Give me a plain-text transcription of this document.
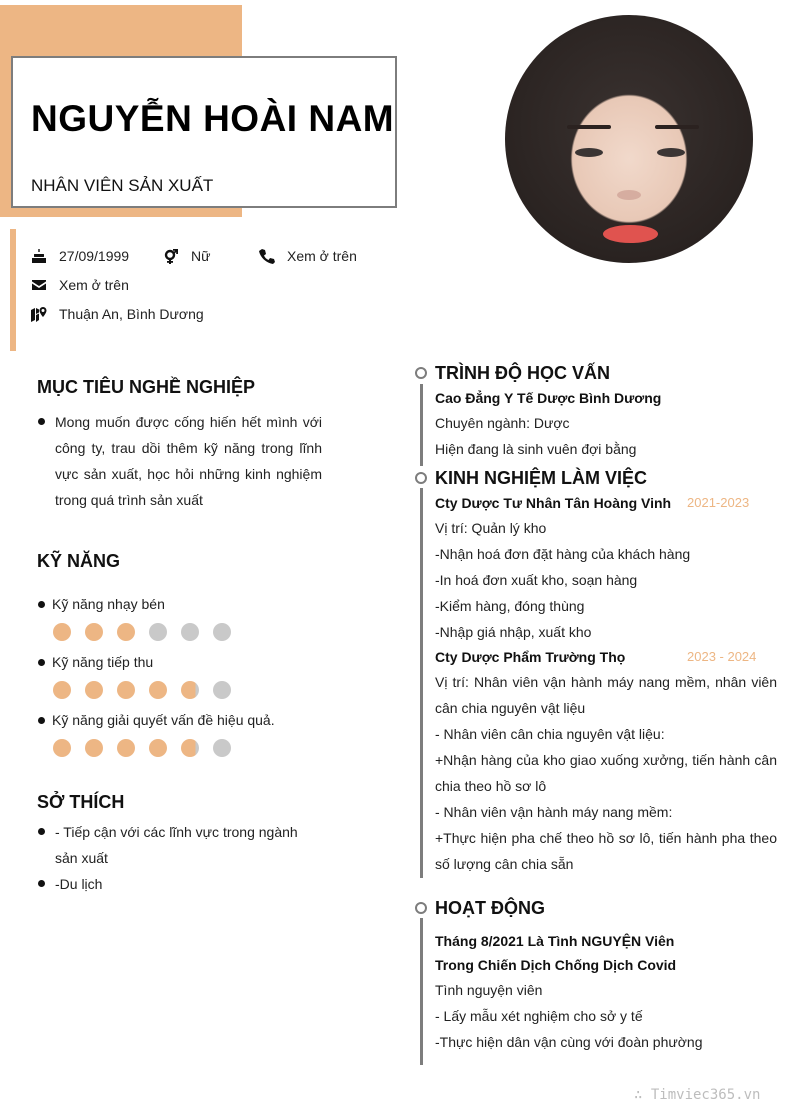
NGUYỄN HOÀI NAM
NHÂN VIÊN SẢN XUẤT
27/09/1999	Nữ	Xem ở trên
Xem ở trên
Thuận An, Bình Dương
MỤC TIÊU NGHỀ NGHIỆP
Mong muốn được cống hiến hết mình với công ty, trau dồi thêm kỹ năng trong lĩnh vực sản xuất, học hỏi những kinh nghiệm trong quá trình sản xuất
KỸ NĂNG
Kỹ năng nhạy bén
Kỹ năng tiếp thu
Kỹ năng giải quyết vấn đề hiệu quả.
SỞ THÍCH
- Tiếp cận với các lĩnh vực trong ngành sản xuất
-Du lịch
TRÌNH ĐỘ HỌC VẤN
Cao Đẳng Y Tế Dược Bình Dương
Chuyên ngành: Dược
Hiện đang là sinh vuên đợi bằng
KINH NGHIỆM LÀM VIỆC
Cty Dược Tư Nhân Tân Hoàng Vinh 2021-2023
Vị trí: Quản lý kho
-Nhận hoá đơn đặt hàng của khách hàng
-In hoá đơn xuất kho, soạn hàng
-Kiểm hàng, đóng thùng
-Nhập giá nhập, xuất kho
Cty Dược Phẩm Trường Thọ	2023 - 2024
Vị trí: Nhân viên vận hành máy nang mềm, nhân viên cân chia nguyên vật liệu
- Nhân viên cân chia nguyên vật liệu:
+Nhận hàng của kho giao xuống xưởng, tiến hành cân chia theo hồ sơ lô
- Nhân viên vận hành máy nang mềm:
+Thực hiện pha chế theo hồ sơ lô, tiến hành pha theo số lượng cân chia sẵn
HOẠT ĐỘNG
Tháng 8/2021 Là Tình NGUYỆN Viên
Trong Chiến Dịch Chống Dịch Covid
Tình nguyện viên
- Lấy mẫu xét nghiệm cho sở y tế
-Thực hiện dân vận cùng với đoàn phường
∴ Timviec365.vn
